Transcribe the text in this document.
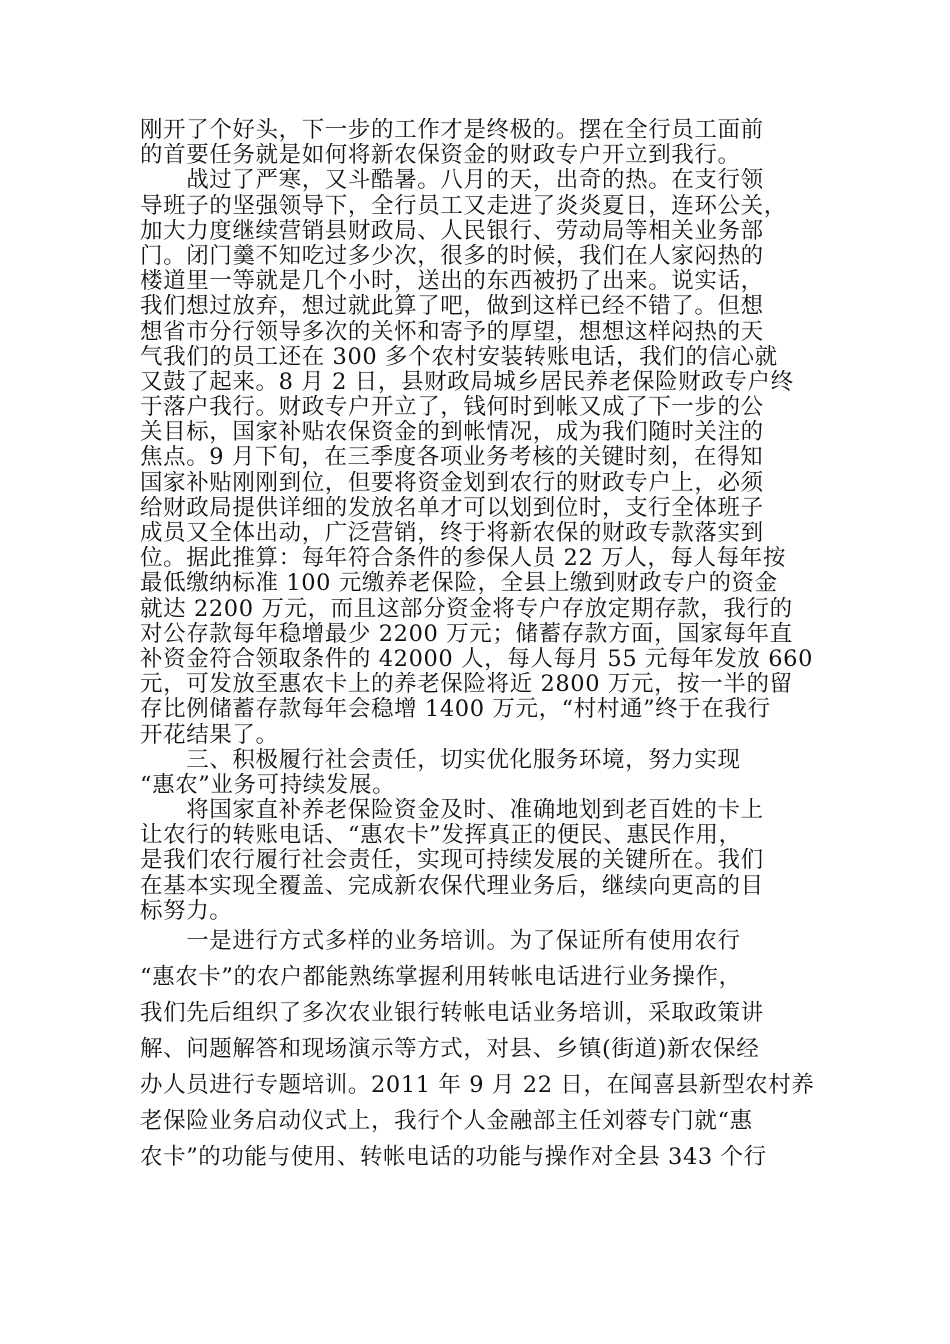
刚开了个好头，下一步的工作才是终极的。摆在全行员工面前
的首要任务就是如何将新农保资金的财政专户开立到我行。
　　战过了严寒，又斗酷暑。八月的天，出奇的热。在支行领
导班子的坚强领导下，全行员工又走进了炎炎夏日，连环公关，
加大力度继续营销县财政局、人民银行、劳动局等相关业务部
门。闭门羹不知吃过多少次，很多的时候，我们在人家闷热的
楼道里一等就是几个小时，送出的东西被扔了出来。说实话，
我们想过放弃，想过就此算了吧，做到这样已经不错了。但想
想省市分行领导多次的关怀和寄予的厚望，想想这样闷热的天
气我们的员工还在 300 多个农村安装转账电话，我们的信心就
又鼓了起来。8 月 2 日，县财政局城乡居民养老保险财政专户终
于落户我行。财政专户开立了，钱何时到帐又成了下一步的公
关目标，国家补贴农保资金的到帐情况，成为我们随时关注的
焦点。9 月下旬，在三季度各项业务考核的关键时刻，在得知
国家补贴刚刚到位，但要将资金划到农行的财政专户上，必须
给财政局提供详细的发放名单才可以划到位时，支行全体班子
成员又全体出动，广泛营销，终于将新农保的财政专款落实到
位。据此推算：每年符合条件的参保人员 22 万人，每人每年按
最低缴纳标准 100 元缴养老保险，全县上缴到财政专户的资金
就达 2200 万元，而且这部分资金将专户存放定期存款，我行的
对公存款每年稳增最少 2200 万元；储蓄存款方面，国家每年直
补资金符合领取条件的 42000 人，每人每月 55 元每年发放 660
元，可发放至惠农卡上的养老保险将近 2800 万元，按一半的留
存比例储蓄存款每年会稳增 1400 万元，“村村通”终于在我行
开花结果了。
　　三、积极履行社会责任，切实优化服务环境，努力实现
“惠农”业务可持续发展。
　　将国家直补养老保险资金及时、准确地划到老百姓的卡上
让农行的转账电话、“惠农卡”发挥真正的便民、惠民作用，
是我们农行履行社会责任，实现可持续发展的关键所在。我们
在基本实现全覆盖、完成新农保代理业务后，继续向更高的目
标努力。
　　一是进行方式多样的业务培训。为了保证所有使用农行
“惠农卡”的农户都能熟练掌握利用转帐电话进行业务操作，
我们先后组织了多次农业银行转帐电话业务培训，采取政策讲
解、问题解答和现场演示等方式，对县、乡镇(街道)新农保经
办人员进行专题培训。2011 年 9 月 22 日，在闻喜县新型农村养
老保险业务启动仪式上，我行个人金融部主任刘蓉专门就“惠
农卡”的功能与使用、转帐电话的功能与操作对全县 343 个行
